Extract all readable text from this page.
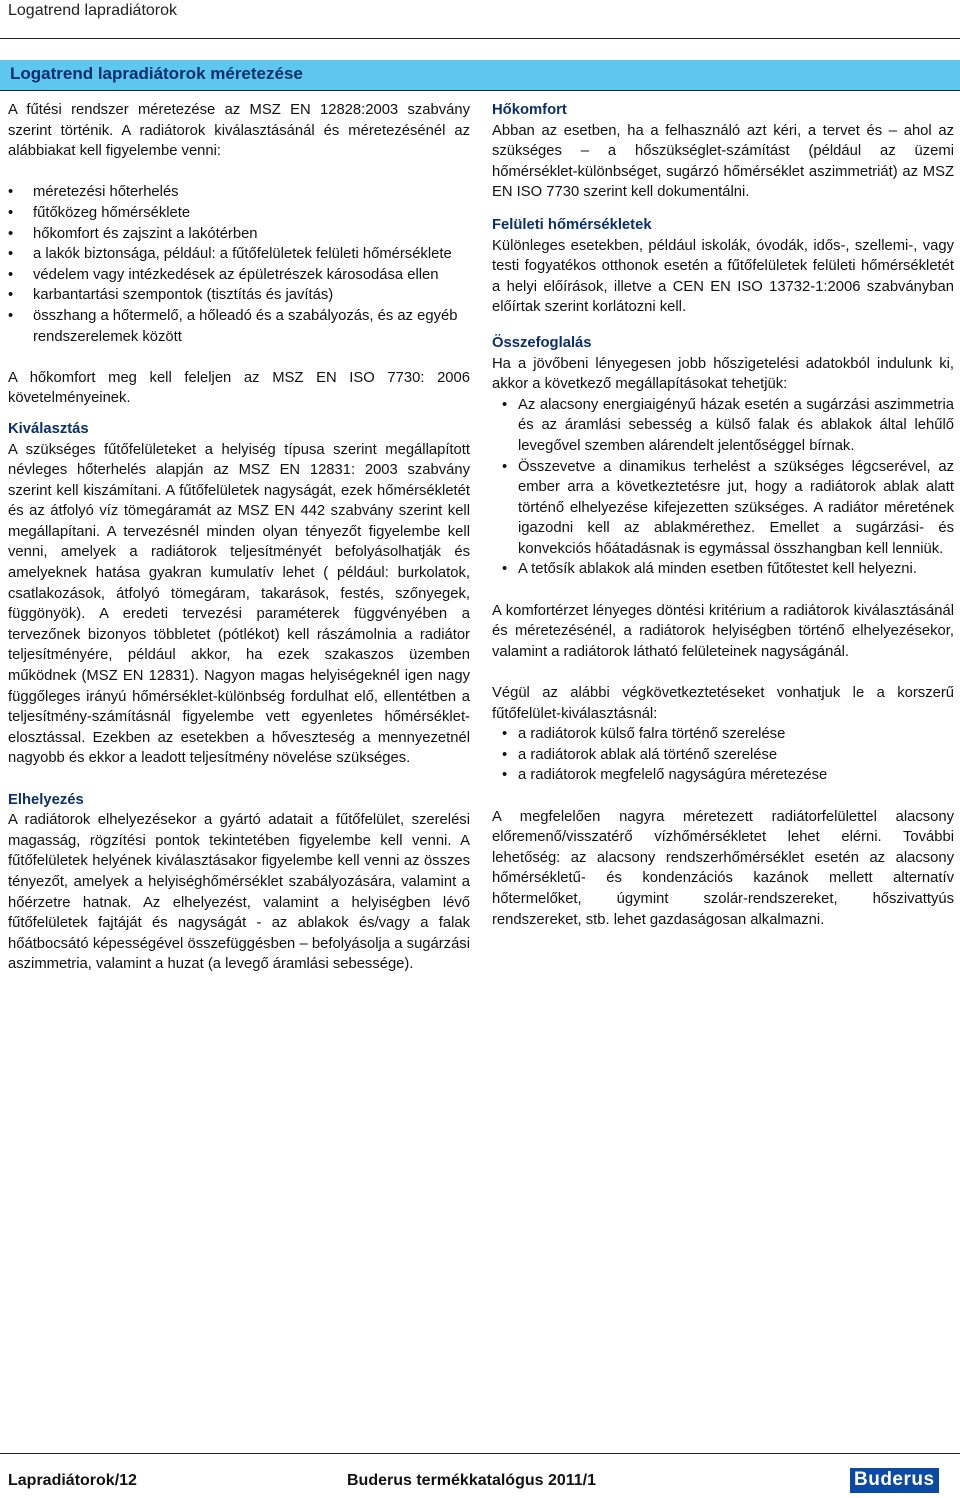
Logatrend lapradiátorok
Logatrend lapradiátorok méretezése

A fűtési rendszer méretezése az MSZ EN 12828:2003 szabvány szerint történik. A radiátorok kiválasztásánál és méretezésénél az alábbiakat kell figyelembe venni:

• méretezési hőterhelés
• fűtőközeg hőmérséklete
• hőkomfort és zajszint a lakótérben
• a lakók biztonsága, például: a fűtőfelületek felületi hőmérséklete
• védelem vagy intézkedések az épületrészek károsodása ellen
• karbantartási szempontok (tisztítás és javítás)
• összhang a hőtermelő, a hőleadó és a szabályozás, és az egyéb rendszerelemek között

A hőkomfort meg kell feleljen az MSZ EN ISO 7730: 2006 követelményeinek.

Kiválasztás

A szükséges fűtőfelületeket a helyiség típusa szerint megállapított névleges hőterhelés alapján az MSZ EN 12831: 2003 szabvány szerint kell kiszámítani. A fűtőfelületek nagyságát, ezek hőmérsékletét és az átfolyó víz tömegáramát az MSZ EN 442 szabvány szerint kell megállapítani. A tervezésnél minden olyan tényezőt figyelembe kell venni, amelyek a radiátorok teljesítményét befolyásolhatják és amelyeknek hatása gyakran kumulatív lehet ( például: burkolatok, csatlakozások, átfolyó tömegáram, takarások, festés, szőnyegek, függönyök). A eredeti tervezési paraméterek függvényében a tervezőnek bizonyos többletet (pótlékot) kell rászámolnia a radiátor teljesítményére, például akkor, ha ezek szakaszos üzemben működnek (MSZ EN 12831). Nagyon magas helyiségeknél igen nagy függőleges irányú hőmérséklet-különbség fordulhat elő, ellentétben a teljesítmény-számításnál figyelembe vett egyenletes hőmérséklet-elosztással. Ezekben az esetekben a hőveszteség a mennyezetnél nagyobb és ekkor a leadott teljesítmény növelése szükséges.

Elhelyezés

A radiátorok elhelyezésekor a gyártó adatait a fűtőfelület, szerelési magasság, rögzítési pontok tekintetében figyelembe kell venni. A fűtőfelületek helyének kiválasztásakor figyelembe kell venni az összes tényezőt, amelyek a helyiséghőmérséklet szabályozására, valamint a hőérzetre hatnak. Az elhelyezést, valamint a helyiségben lévő fűtőfelületek fajtáját és nagyságát - az ablakok és/vagy a falak hőátbocsátó képességével összefüggésben – befolyásolja a sugárzási aszimmetria, valamint a huzat (a levegő áramlási sebessége).

Hőkomfort

Abban az esetben, ha a felhasználó azt kéri, a tervet és – ahol az szükséges – a hőszükséglet-számítást (például az üzemi hőmérséklet-különbséget, sugárzó hőmérséklet aszimmetriát) az MSZ EN ISO 7730 szerint kell dokumentálni.

Felületi hőmérsékletek

Különleges esetekben, például iskolák, óvodák, idős-, szellemi-, vagy testi fogyatékos otthonok esetén a fűtőfelületek felületi hőmérsékletét a helyi előírások, illetve a CEN EN ISO 13732-1:2006 szabványban előírtak szerint korlátozni kell.

Összefoglalás

Ha a jövőbeni lényegesen jobb hőszigetelési adatokból indulunk ki, akkor a következő megállapításokat tehetjük:

• Az alacsony energiaigényű házak esetén a sugárzási aszimmetria és az áramlási sebesség a külső falak és ablakok által lehűlő levegővel szemben alárendelt jelentőséggel bírnak.
• Összevetve a dinamikus terhelést a szükséges légcserével, az ember arra a következtetésre jut, hogy a radiátorok ablak alatt történő elhelyezése kifejezetten szükséges. A radiátor méretének igazodni kell az ablakmérethez. Emellet a sugárzási- és konvekciós hőátadásnak is egymással összhangban kell lenniük.
• A tetősík ablakok alá minden esetben fűtőtestet kell helyezni.

A komfortérzet lényeges döntési kritérium a radiátorok kiválasztásánál és méretezésénél, a radiátorok helyiségben történő elhelyezésekor, valamint a radiátorok látható felületeinek nagyságánál.

Végül az alábbi végkövetkeztetéseket vonhatjuk le a korszerű fűtőfelület-kiválasztásnál:

• a radiátorok külső falra történő szerelése
• a radiátorok ablak alá történő szerelése
• a radiátorok megfelelő nagyságúra méretezése

A megfelelően nagyra méretezett radiátorfelülettel alacsony előremenő/visszatérő vízhőmérsékletet lehet elérni. További lehetőség: az alacsony rendszerhőmérséklet esetén az alacsony hőmérsékletű- és kondenzációs kazánok mellett alternatív hőtermelőket, úgymint szolár-rendszereket, hőszivattyús rendszereket, stb. lehet gazdaságosan alkalmazni.

Lapradiátorok/12	Buderus termékkatalógus 2011/1	Buderus
